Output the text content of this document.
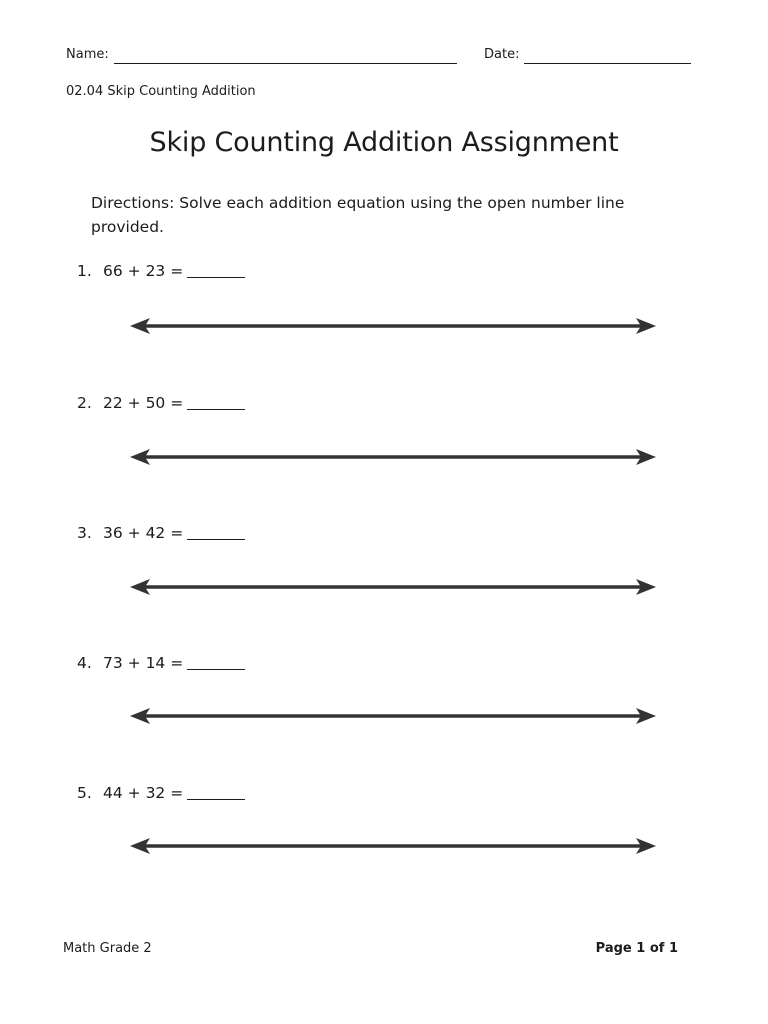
Name:	Date:
02.04 Skip Counting Addition
Skip Counting Addition Assignment
Directions: Solve each addition equation using the open number line provided.
1. 66 + 23 =
2. 22 + 50 =
3. 36 + 42 =
4. 73 + 14 =
5. 44 + 32 =
Math Grade 2	Page 1 of 1
